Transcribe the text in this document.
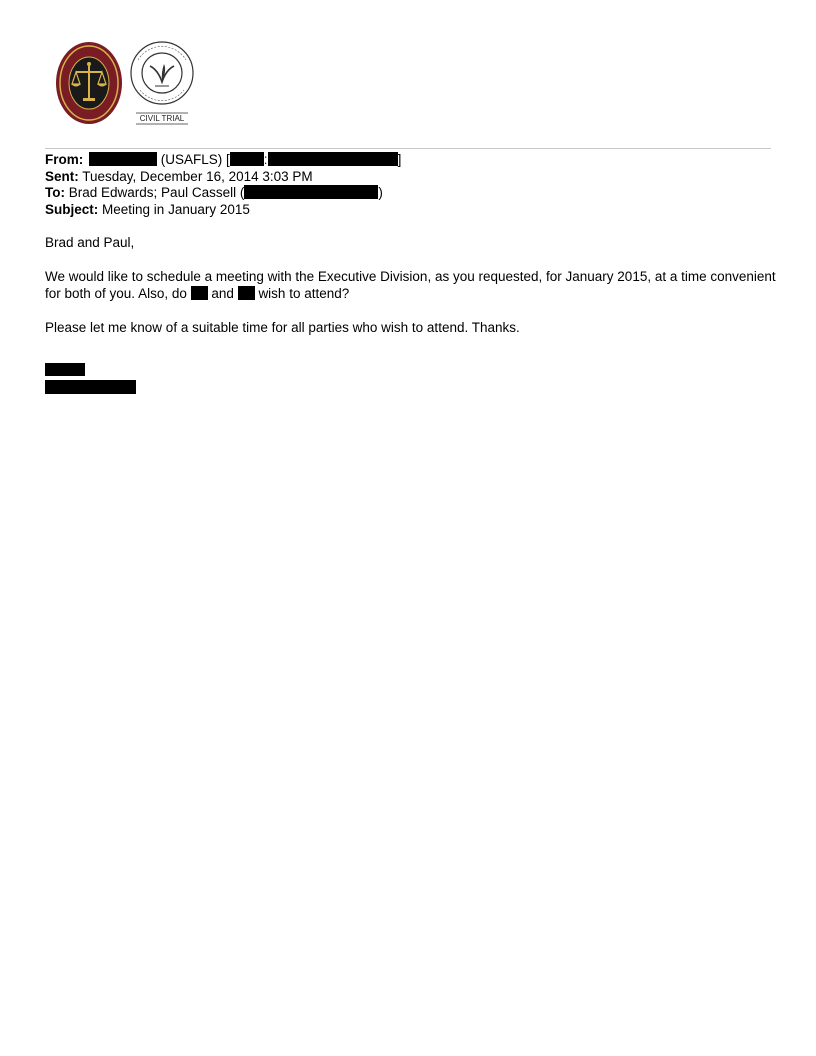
CIVIL TRIAL
From:	(USAFLS) [	:	]
Sent: Tuesday, December 16, 2014 3:03 PM
To: Brad Edwards; Paul Cassell (	)
Subject: Meeting in January 2015

Brad and Paul,

We would like to schedule a meeting with the Executive Division, as you requested, for January 2015, at a time convenient for both of you. Also, do and wish to attend?

Please let me know of a suitable time for all parties who wish to attend. Thanks.
